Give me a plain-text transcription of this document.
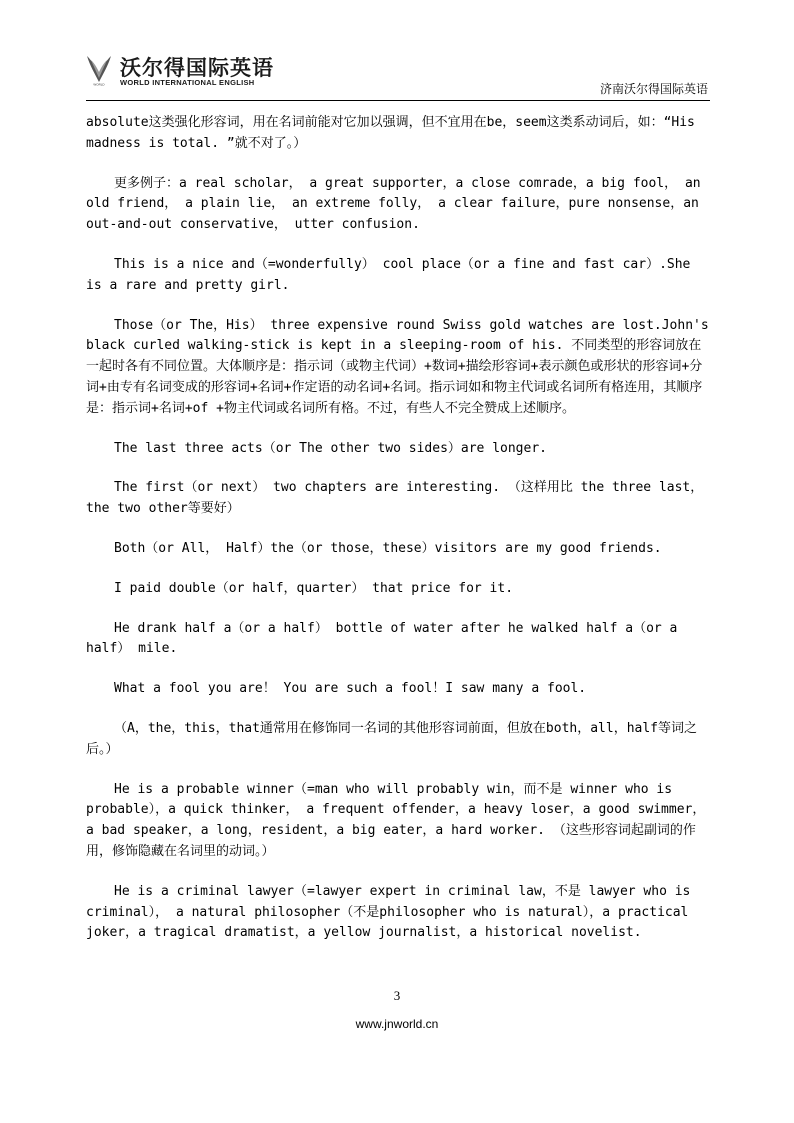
WORLD
沃尔得国际英语
WORLD INTERNATIONAL ENGLISH	济南沃尔得国际英语

absolute这类强化形容词，用在名词前能对它加以强调，但不宜用在be，seem这类系动词后，如：“His madness is total. ”就不对了。）

更多例子：a real scholar， a great supporter，a close comrade，a big fool， an old friend， a plain lie， an extreme folly， a clear failure，pure nonsense，an out-and-out conservative， utter confusion.

This is a nice and（=wonderfully） cool place（or a fine and fast car）.She is a rare and pretty girl.

Those（or The，His） three expensive round Swiss gold watches are lost.John's black curled walking-stick is kept in a sleeping-room of his. 不同类型的形容词放在一起时各有不同位置。大体顺序是：指示词（或物主代词）+数词+描绘形容词+表示颜色或形状的形容词+分词+由专有名词变成的形容词+名词+作定语的动名词+名词。指示词如和物主代词或名词所有格连用，其顺序是：指示词+名词+of +物主代词或名词所有格。不过，有些人不完全赞成上述顺序。

The last three acts（or The other two sides）are longer.

The first（or next） two chapters are interesting. （这样用比 the three last，the two other等要好）

Both（or All， Half）the（or those，these）visitors are my good friends.

I paid double（or half，quarter） that price for it.

He drank half a（or a half） bottle of water after he walked half a（or a half） mile.

What a fool you are！ You are such a fool！I saw many a fool.

（A，the，this，that通常用在修饰同一名词的其他形容词前面，但放在both，all，half等词之后。）

He is a probable winner（=man who will probably win，而不是 winner who is probable），a quick thinker， a frequent offender，a heavy loser，a good swimmer，a bad speaker，a long，resident，a big eater，a hard worker. （这些形容词起副词的作用，修饰隐藏在名词里的动词。）

He is a criminal lawyer（=lawyer expert in criminal law，不是 lawyer who is criminal）， a natural philosopher（不是philosopher who is natural），a practical joker，a tragical dramatist，a yellow journalist，a historical novelist.

3
www.jnworld.cn
